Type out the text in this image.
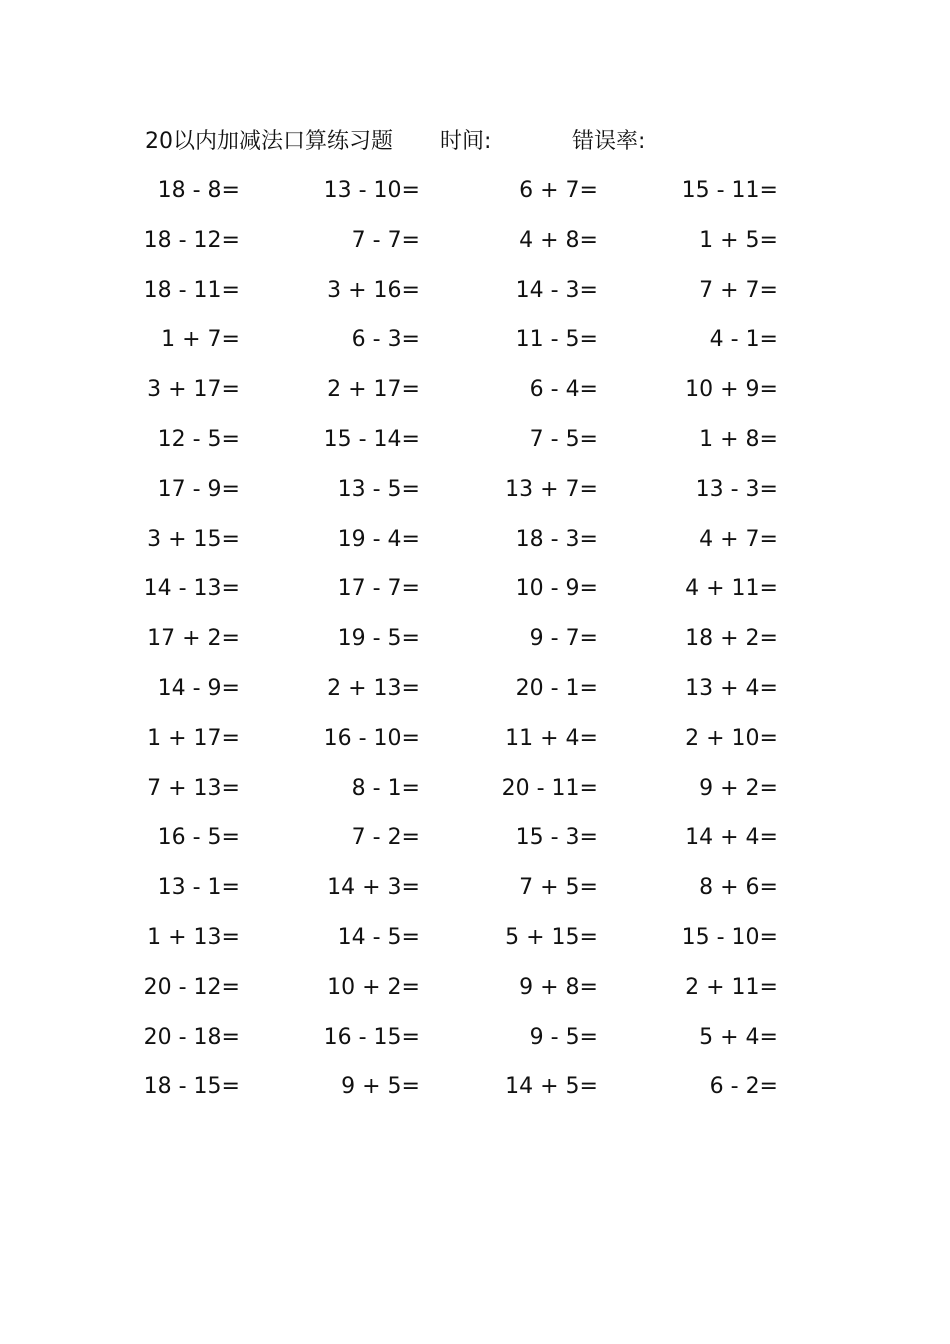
20以内加减法口算练习题 时间:	错误率:
18 - 8=	13 - 10=	6 + 7=	15 - 11=
18 - 12=	7 - 7=	4 + 8=	1 + 5=
18 - 11=	3 + 16=	14 - 3=	7 + 7=
1 + 7=	6 - 3=	11 - 5=	4 - 1=
3 + 17=	2 + 17=	6 - 4=	10 + 9=
12 - 5=	15 - 14=	7 - 5=	1 + 8=
17 - 9=	13 - 5=	13 + 7=	13 - 3=
3 + 15=	19 - 4=	18 - 3=	4 + 7=
14 - 13=	17 - 7=	10 - 9=	4 + 11=
17 + 2=	19 - 5=	9 - 7=	18 + 2=
14 - 9=	2 + 13=	20 - 1=	13 + 4=
1 + 17=	16 - 10=	11 + 4=	2 + 10=
7 + 13=	8 - 1=	20 - 11=	9 + 2=
16 - 5=	7 - 2=	15 - 3=	14 + 4=
13 - 1=	14 + 3=	7 + 5=	8 + 6=
1 + 13=	14 - 5=	5 + 15=	15 - 10=
20 - 12=	10 + 2=	9 + 8=	2 + 11=
20 - 18=	16 - 15=	9 - 5=	5 + 4=
18 - 15=	9 + 5=	14 + 5=	6 - 2=
